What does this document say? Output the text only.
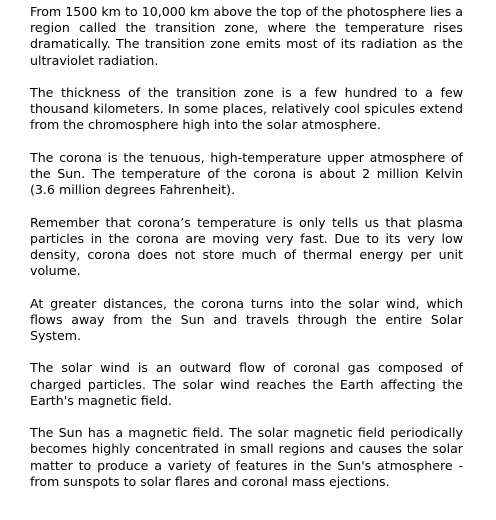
From 1500 km to 10,000 km above the top of the photosphere lies a region called the transition zone, where the temperature rises dramatically. The transition zone emits most of its radiation as the ultraviolet radiation.

The thickness of the transition zone is a few hundred to a few thousand kilometers. In some places, relatively cool spicules extend from the chromosphere high into the solar atmosphere.

The corona is the tenuous, high-temperature upper atmosphere of the Sun. The temperature of the corona is about 2 million Kelvin (3.6 million degrees Fahrenheit).

Remember that corona’s temperature is only tells us that plasma particles in the corona are moving very fast. Due to its very low density, corona does not store much of thermal energy per unit volume.

At greater distances, the corona turns into the solar wind, which flows away from the Sun and travels through the entire Solar System.

The solar wind is an outward flow of coronal gas composed of charged particles. The solar wind reaches the Earth affecting the Earth's magnetic field.

The Sun has a magnetic field. The solar magnetic field periodically becomes highly concentrated in small regions and causes the solar matter to produce a variety of features in the Sun's atmosphere - from sunspots to solar flares and coronal mass ejections.
